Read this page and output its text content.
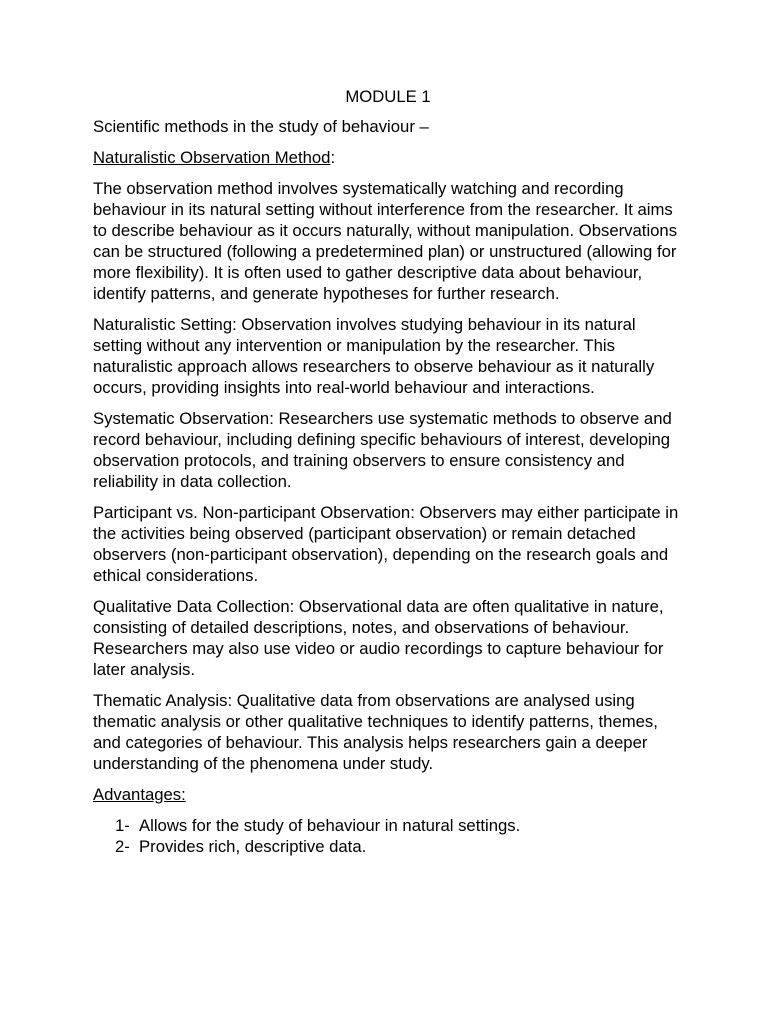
MODULE 1

Scientific methods in the study of behaviour –

Naturalistic Observation Method:

The observation method involves systematically watching and recording behaviour in its natural setting without interference from the researcher. It aims to describe behaviour as it occurs naturally, without manipulation. Observations can be structured (following a predetermined plan) or unstructured (allowing for more flexibility). It is often used to gather descriptive data about behaviour, identify patterns, and generate hypotheses for further research.

Naturalistic Setting: Observation involves studying behaviour in its natural setting without any intervention or manipulation by the researcher. This naturalistic approach allows researchers to observe behaviour as it naturally occurs, providing insights into real-world behaviour and interactions.

Systematic Observation: Researchers use systematic methods to observe and record behaviour, including defining specific behaviours of interest, developing observation protocols, and training observers to ensure consistency and reliability in data collection.

Participant vs. Non-participant Observation: Observers may either participate in the activities being observed (participant observation) or remain detached observers (non-participant observation), depending on the research goals and ethical considerations.

Qualitative Data Collection: Observational data are often qualitative in nature, consisting of detailed descriptions, notes, and observations of behaviour. Researchers may also use video or audio recordings to capture behaviour for later analysis.

Thematic Analysis: Qualitative data from observations are analysed using thematic analysis or other qualitative techniques to identify patterns, themes, and categories of behaviour. This analysis helps researchers gain a deeper understanding of the phenomena under study.

Advantages:

1- Allows for the study of behaviour in natural settings.
2- Provides rich, descriptive data.
